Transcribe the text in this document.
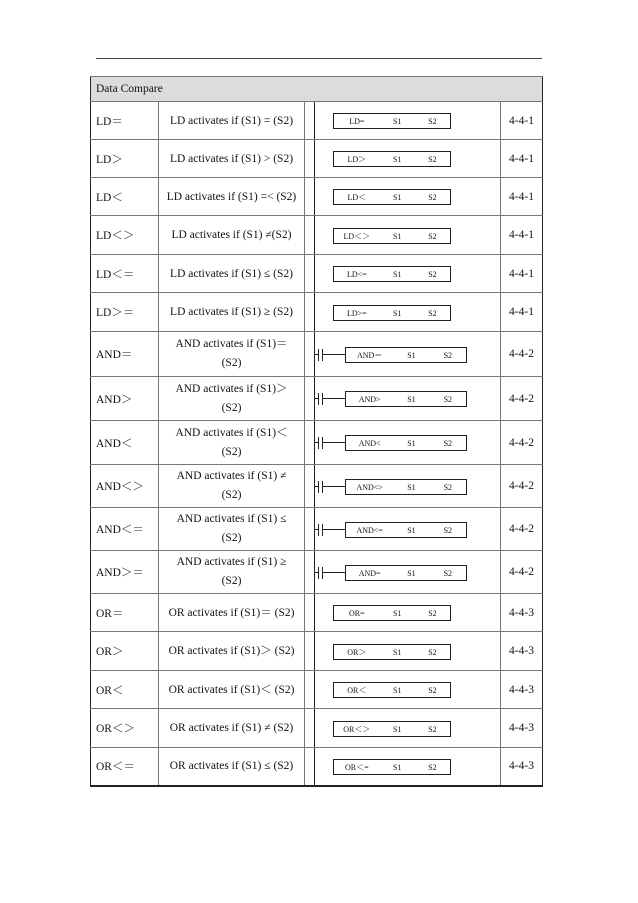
Data Compare			
LD＝	LD activates if (S1) = (S2)	LD= S1 S2	4-4-1
LD＞	LD activates if (S1) > (S2)	LD＞ S1 S2	4-4-1
LD＜	LD activates if (S1) =< (S2)	LD＜ S1 S2	4-4-1
LD＜＞	LD activates if (S1) ≠(S2)	LD＜＞ S1 S2	4-4-1
LD＜＝	LD activates if (S1) ≤ (S2)	LD<= S1 S2	4-4-1
LD＞＝	LD activates if (S1) ≥ (S2)	LD>= S1 S2	4-4-1
AND＝	AND activates if (S1)＝ (S2)	AND＝ S1 S2	4-4-2
AND＞	AND activates if (S1)＞ (S2)	AND> S1 S2	4-4-2
AND＜	AND activates if (S1)＜ (S2)	AND< S1 S2	4-4-2
AND＜＞	AND activates if (S1) ≠ (S2)	AND<> S1 S2	4-4-2
AND＜＝	AND activates if (S1) ≤ (S2)	AND<= S1 S2	4-4-2
AND＞＝	AND activates if (S1) ≥ (S2)	AND= S1 S2	4-4-2
OR＝	OR activates if (S1)＝ (S2)	OR= S1 S2	4-4-3
OR＞	OR activates if (S1)＞ (S2)	OR＞ S1 S2	4-4-3
OR＜	OR activates if (S1)＜ (S2)	OR＜ S1 S2	4-4-3
OR＜＞	OR activates if (S1) ≠ (S2)	OR＜＞ S1 S2	4-4-3
OR＜＝	OR activates if (S1) ≤ (S2)	OR＜= S1 S2	4-4-3
